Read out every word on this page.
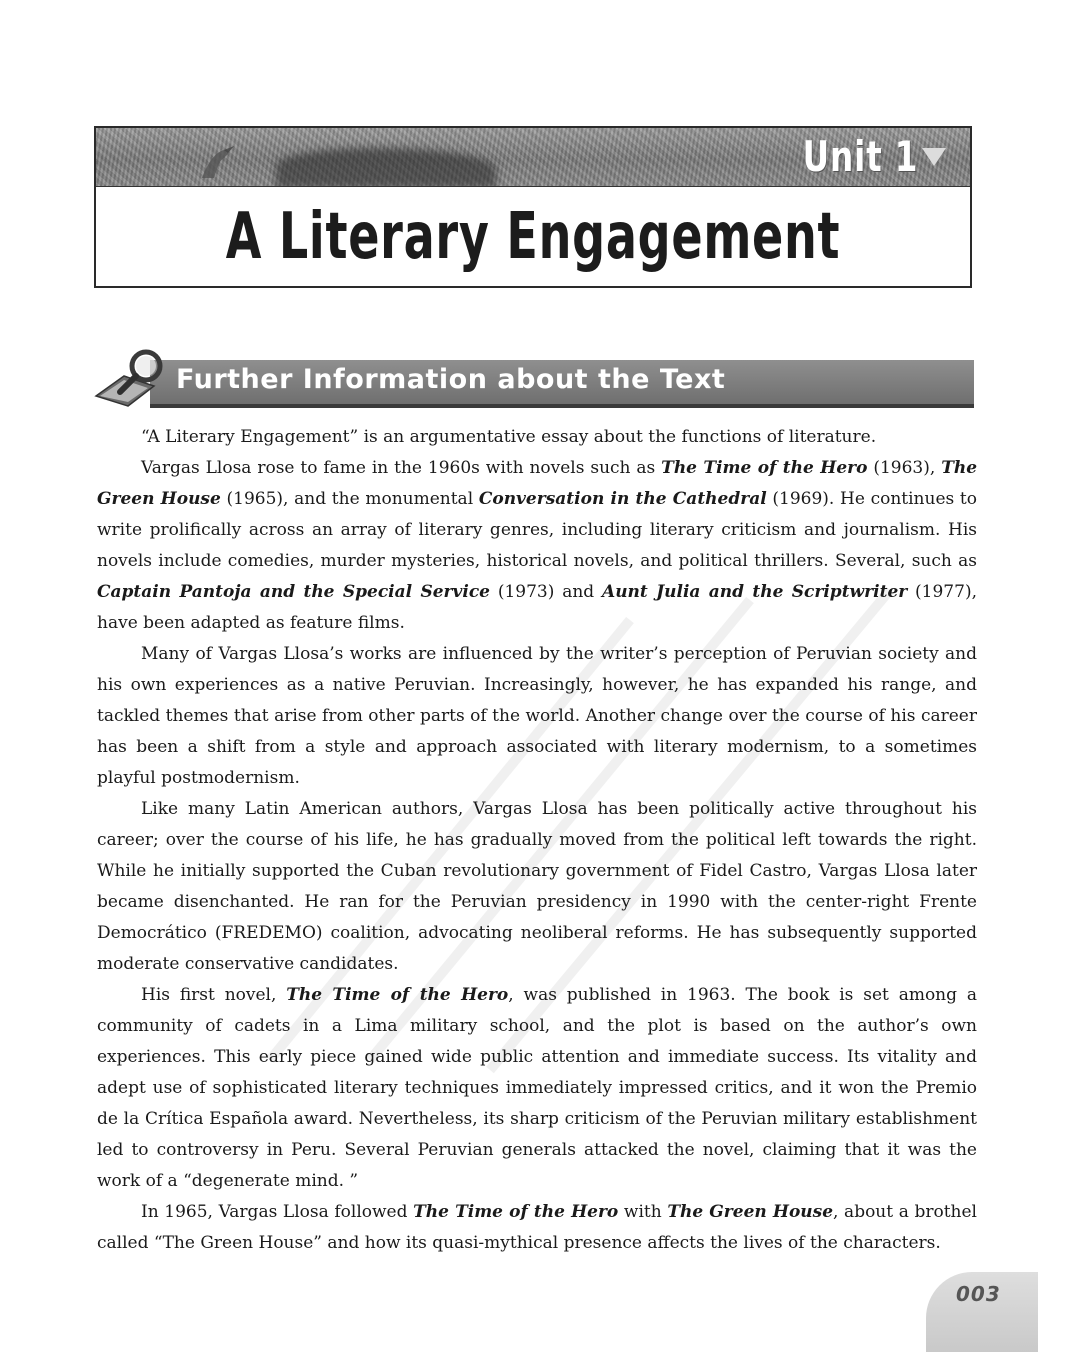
Unit 1
A Literary Engagement
Further Information about the Text

“A Literary Engagement” is an argumentative essay about the functions of literature.

Vargas Llosa rose to fame in the 1960s with novels such as The Time of the Hero (1963), The Green House (1965), and the monumental Conversation in the Cathedral (1969). He continues to write prolifically across an array of literary genres, including literary criticism and journalism. His novels include comedies, murder mysteries, historical novels, and political thrillers. Several, such as Captain Pantoja and the Special Service (1973) and Aunt Julia and the Scriptwriter (1977), have been adapted as feature films.

Many of Vargas Llosa’s works are influenced by the writer’s perception of Peruvian society and his own experiences as a native Peruvian. Increasingly, however, he has expanded his range, and tackled themes that arise from other parts of the world. Another change over the course of his career has been a shift from a style and approach associated with literary modernism, to a sometimes playful postmodernism.

Like many Latin American authors, Vargas Llosa has been politically active throughout his career; over the course of his life, he has gradually moved from the political left towards the right. While he initially supported the Cuban revolutionary government of Fidel Castro, Vargas Llosa later became disenchanted. He ran for the Peruvian presidency in 1990 with the center-right Frente Democrático (FREDEMO) coalition, advocating neoliberal reforms. He has subsequently supported moderate conservative candidates.

His first novel, The Time of the Hero, was published in 1963. The book is set among a community of cadets in a Lima military school, and the plot is based on the author’s own experiences. This early piece gained wide public attention and immediate success. Its vitality and adept use of sophisticated literary techniques immediately impressed critics, and it won the Premio de la Crítica Española award. Nevertheless, its sharp criticism of the Peruvian military establishment led to controversy in Peru. Several Peruvian generals attacked the novel, claiming that it was the work of a “degenerate mind. ”

In 1965, Vargas Llosa followed The Time of the Hero with The Green House, about a brothel called “The Green House” and how its quasi-mythical presence affects the lives of the characters.

003
